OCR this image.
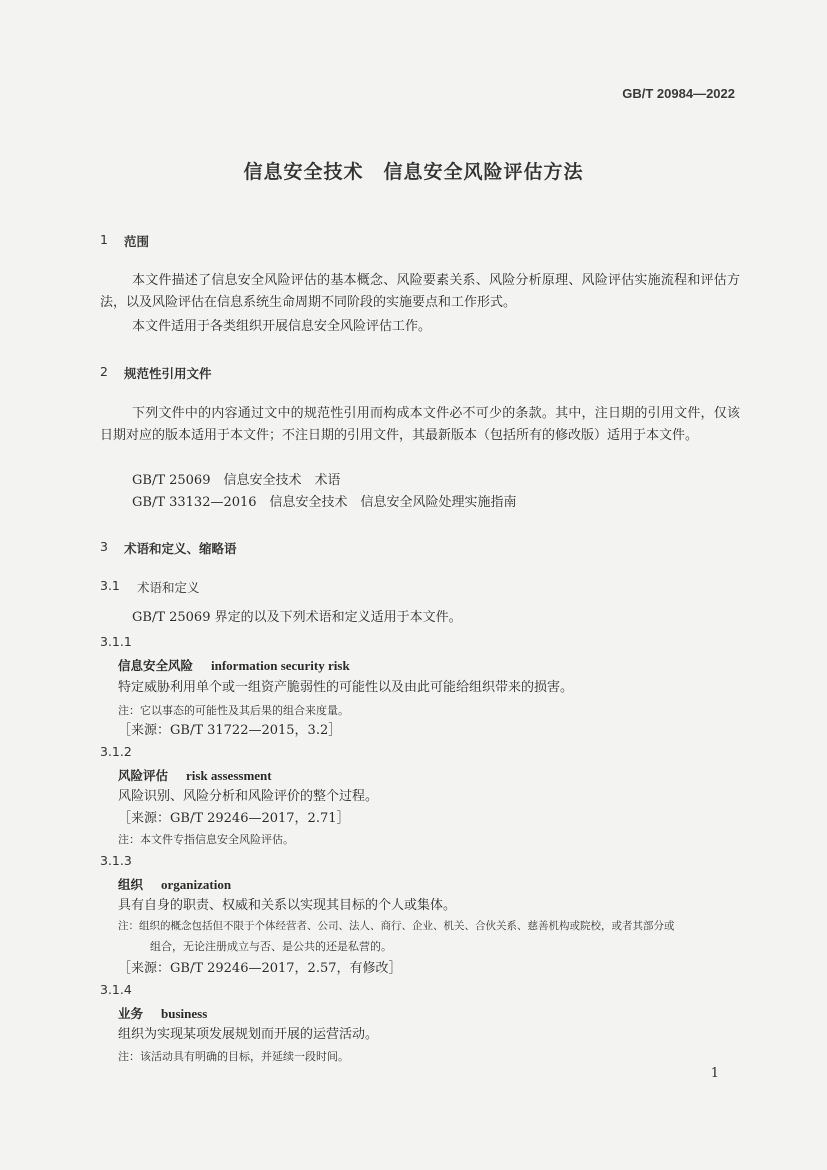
GB/T 20984—2022
信息安全技术　信息安全风险评估方法
1 范围
本文件描述了信息安全风险评估的基本概念、风险要素关系、风险分析原理、风险评估实施流程和评估方法，以及风险评估在信息系统生命周期不同阶段的实施要点和工作形式。
本文件适用于各类组织开展信息安全风险评估工作。
2 规范性引用文件
下列文件中的内容通过文中的规范性引用而构成本文件必不可少的条款。其中，注日期的引用文件，仅该日期对应的版本适用于本文件；不注日期的引用文件，其最新版本（包括所有的修改版）适用于本文件。
GB/T 25069　信息安全技术　术语
GB/T 33132—2016　信息安全技术　信息安全风险处理实施指南
3 术语和定义、缩略语
3.1 术语和定义
GB/T 25069 界定的以及下列术语和定义适用于本文件。
3.1.1
信息安全风险 information security risk
特定威胁利用单个或一组资产脆弱性的可能性以及由此可能给组织带来的损害。
注：它以事态的可能性及其后果的组合来度量。
［来源：GB/T 31722—2015，3.2］
3.1.2
风险评估 risk assessment
风险识别、风险分析和风险评价的整个过程。
［来源：GB/T 29246—2017，2.71］
注：本文件专指信息安全风险评估。
3.1.3
组织 organization
具有自身的职责、权威和关系以实现其目标的个人或集体。
注：组织的概念包括但不限于个体经营者、公司、法人、商行、企业、机关、合伙关系、慈善机构或院校，或者其部分或
组合，无论注册成立与否、是公共的还是私营的。
［来源：GB/T 29246—2017，2.57，有修改］
3.1.4
业务 business
组织为实现某项发展规划而开展的运营活动。
注：该活动具有明确的目标，并延续一段时间。
1
